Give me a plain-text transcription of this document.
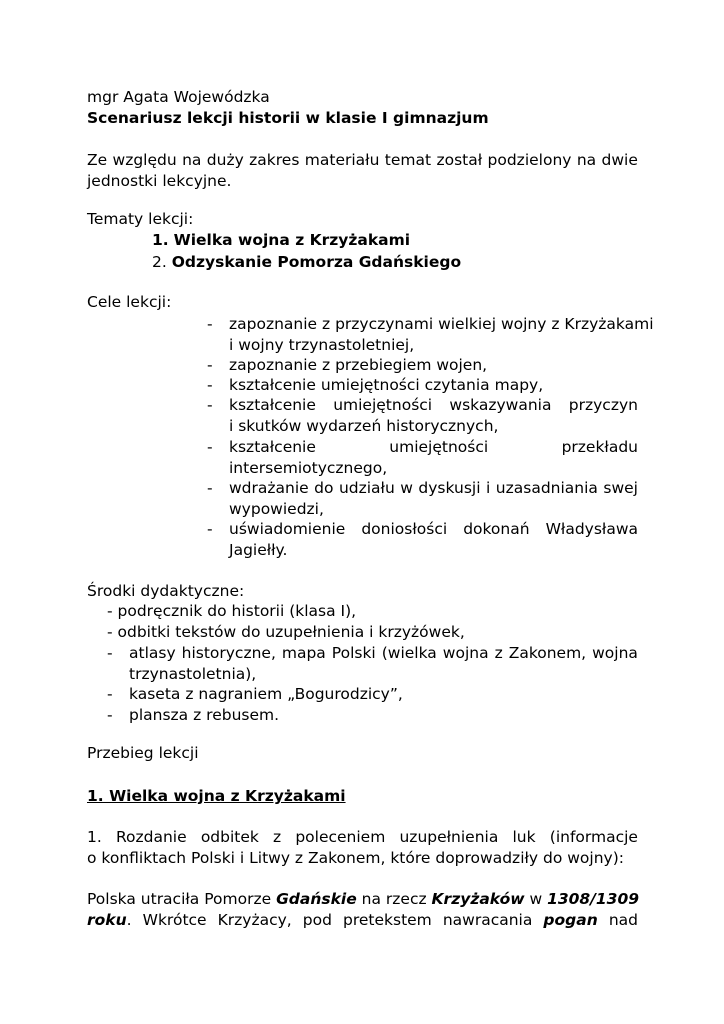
mgr Agata Wojewódzka
Scenariusz lekcji historii w klasie I gimnazjum
Ze względu na duży zakres materiału temat został podzielony na dwie
jednostki lekcyjne.
Tematy lekcji:
1. Wielka wojna z Krzyżakami
2. Odzyskanie Pomorza Gdańskiego
Cele lekcji:
- zapoznanie z przyczynami wielkiej wojny z Krzyżakami
i wojny trzynastoletniej,
- zapoznanie z przebiegiem wojen,
- kształcenie umiejętności czytania mapy,
- kształcenie umiejętności wskazywania przyczyn
i skutków wydarzeń historycznych,
- kształcenie	umiejętności	przekładu
intersemiotycznego,
- wdrażanie do udziału w dyskusji i uzasadniania swej
wypowiedzi,
- uświadomienie doniosłości dokonań Władysława
Jagiełły.
Środki dydaktyczne:
- podręcznik do historii (klasa I),
- odbitki tekstów do uzupełnienia i krzyżówek,
- atlasy historyczne, mapa Polski (wielka wojna z Zakonem, wojna
trzynastoletnia),
- kaseta z nagraniem „Bogurodzicy”,
- plansza z rebusem.
Przebieg lekcji
1. Wielka wojna z Krzyżakami
1. Rozdanie odbitek z poleceniem uzupełnienia luk (informacje
o konfliktach Polski i Litwy z Zakonem, które doprowadziły do wojny):
Polska utraciła Pomorze Gdańskie na rzecz Krzyżaków w 1308/1309
roku. Wkrótce Krzyżacy, pod pretekstem nawracania pogan nad
